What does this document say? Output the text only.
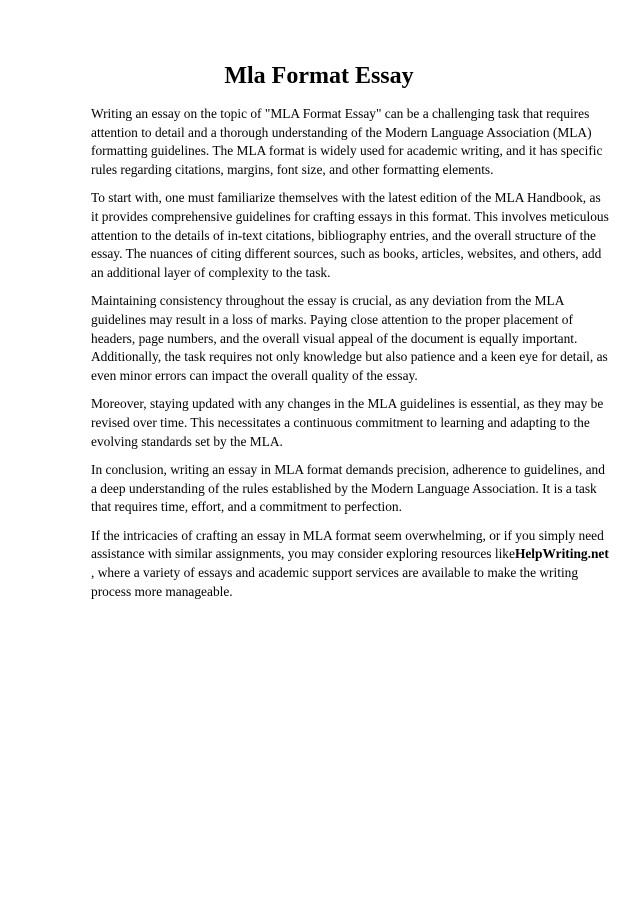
Mla Format Essay

Writing an essay on the topic of "MLA Format Essay" can be a challenging task that requires
attention to detail and a thorough understanding of the Modern Language Association (MLA)
formatting guidelines. The MLA format is widely used for academic writing, and it has specific
rules regarding citations, margins, font size, and other formatting elements.

To start with, one must familiarize themselves with the latest edition of the MLA Handbook, as
it provides comprehensive guidelines for crafting essays in this format. This involves meticulous
attention to the details of in-text citations, bibliography entries, and the overall structure of the
essay. The nuances of citing different sources, such as books, articles, websites, and others, add
an additional layer of complexity to the task.

Maintaining consistency throughout the essay is crucial, as any deviation from the MLA
guidelines may result in a loss of marks. Paying close attention to the proper placement of
headers, page numbers, and the overall visual appeal of the document is equally important.
Additionally, the task requires not only knowledge but also patience and a keen eye for detail, as
even minor errors can impact the overall quality of the essay.

Moreover, staying updated with any changes in the MLA guidelines is essential, as they may be
revised over time. This necessitates a continuous commitment to learning and adapting to the
evolving standards set by the MLA.

In conclusion, writing an essay in MLA format demands precision, adherence to guidelines, and
a deep understanding of the rules established by the Modern Language Association. It is a task
that requires time, effort, and a commitment to perfection.

If the intricacies of crafting an essay in MLA format seem overwhelming, or if you simply need
assistance with similar assignments, you may consider exploring resources likeHelpWriting.net
, where a variety of essays and academic support services are available to make the writing
process more manageable.
